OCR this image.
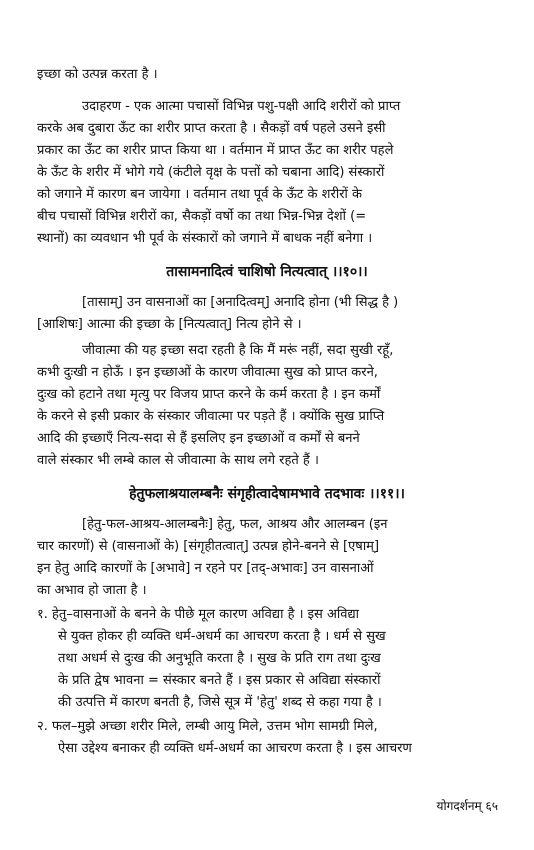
इच्छा को उत्पन्न करता है ।
उदाहरण - एक आत्मा पचासों विभिन्न पशु-पक्षी आदि शरीरों को प्राप्त
करके अब दुबारा ऊँट का शरीर प्राप्त करता है । सैकड़ों वर्ष पहले उसने इसी
प्रकार का ऊँट का शरीर प्राप्त किया था । वर्तमान में प्राप्त ऊँट का शरीर पहले
के ऊँट के शरीर में भोगे गये (कंटीले वृक्ष के पत्तों को चबाना आदि) संस्कारों
को जगाने में कारण बन जायेगा । वर्तमान तथा पूर्व के ऊँट के शरीरों के
बीच पचासों विभिन्न शरीरों का, सैकड़ों वर्षो का तथा भिन्न-भिन्न देशों (=
स्थानों) का व्यवधान भी पूर्व के संस्कारों को जगाने में बाधक नहीं बनेगा ।
तासामनादित्वं चाशिषो नित्यत्वात् ।।१०।।
[तासाम्] उन वासनाओं का [अनादित्वम्] अनादि होना (भी सिद्ध है )
[आशिषः] आत्मा की इच्छा के [नित्यत्वात्] नित्य होने से ।
जीवात्मा की यह इच्छा सदा रहती है कि मैं मरूं नहीं, सदा सुखी रहूँ,
कभी दुःखी न होऊँ । इन इच्छाओं के कारण जीवात्मा सुख को प्राप्त करने,
दुःख को हटाने तथा मृत्यु पर विजय प्राप्त करने के कर्म करता है । इन कर्मों
के करने से इसी प्रकार के संस्कार जीवात्मा पर पड़ते हैं । क्योंकि सुख प्राप्ति
आदि की इच्छाएँ नित्य-सदा से हैं इसलिए इन इच्छाओं व कर्मों से बनने
वाले संस्कार भी लम्बे काल से जीवात्मा के साथ लगे रहते हैं ।
हेतुफलाश्रयालम्बनैः संगृहीत्वादेषामभावे तदभावः ।।११।।
[हेतु-फल-आश्रय-आलम्बनैः] हेतु, फल, आश्रय और आलम्बन (इन
चार कारणों) से (वासनाओं के) [संगृहीतत्वात्] उत्पन्न होने-बनने से [एषाम्]
इन हेतु आदि कारणों के [अभावे] न रहने पर [तद्-अभावः] उन वासनाओं
का अभाव हो जाता है ।
१. हेतु–वासनाओं के बनने के पीछे मूल कारण अविद्या है । इस अविद्या
से युक्त होकर ही व्यक्ति धर्म-अधर्म का आचरण करता है । धर्म से सुख
तथा अधर्म से दुःख की अनुभूति करता है । सुख के प्रति राग तथा दुःख
के प्रति द्वेष भावना = संस्कार बनते हैं । इस प्रकार से अविद्या संस्कारों
की उत्पत्ति में कारण बनती है, जिसे सूत्र में 'हेतु' शब्द से कहा गया है ।
२. फल–मुझे अच्छा शरीर मिले, लम्बी आयु मिले, उत्तम भोग सामग्री मिले,
ऐसा उद्देश्य बनाकर ही व्यक्ति धर्म-अधर्म का आचरण करता है । इस आचरण
योगदर्शनम् ६५
